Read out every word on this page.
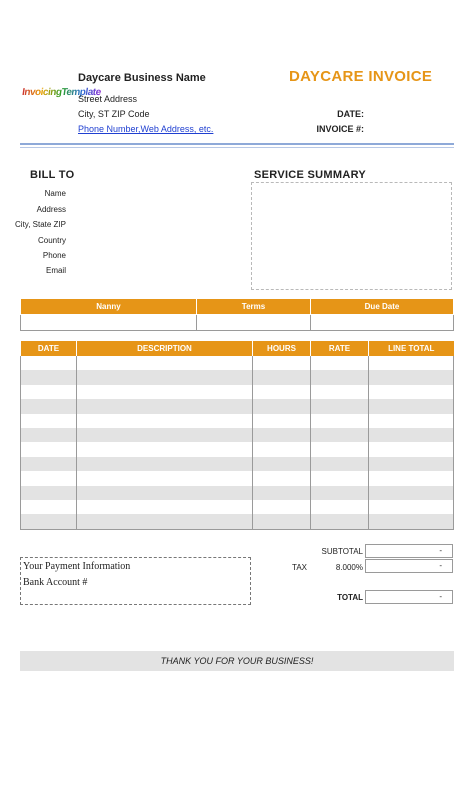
InvoicingTemplate
Daycare Business Name
Street Address
City, ST ZIP Code
Phone Number,Web Address, etc.
DAYCARE INVOICE
DATE:
INVOICE #:
BILL TO
Name
Address
City, State ZIP
Country
Phone
Email
SERVICE SUMMARY
Nanny	Terms	Due Date

DATE	DESCRIPTION	HOURS	RATE	LINE TOTAL

SUBTOTAL	-
TAX	8.000%	-
TOTAL	-
Your Payment Information
Bank Account #
THANK YOU FOR YOUR BUSINESS!
